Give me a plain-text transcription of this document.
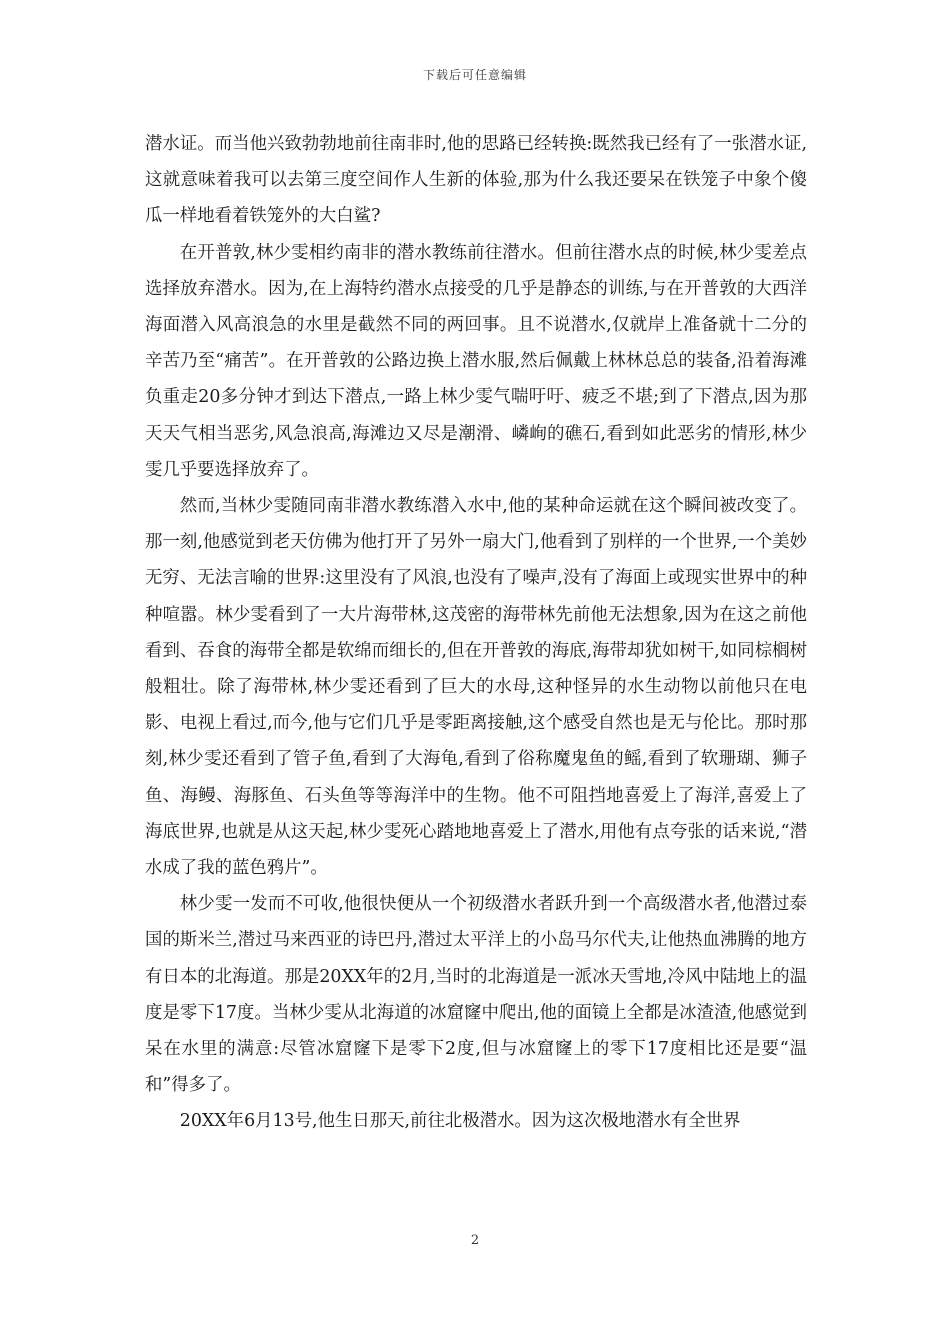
下载后可任意编辑

潜水证。而当他兴致勃勃地前往南非时,他的思路已经转换:既然我已经有了一张潜水证,这就意味着我可以去第三度空间作人生新的体验,那为什么我还要呆在铁笼子中象个傻瓜一样地看着铁笼外的大白鲨?

在开普敦,林少雯相约南非的潜水教练前往潜水。但前往潜水点的时候,林少雯差点选择放弃潜水。因为,在上海特约潜水点接受的几乎是静态的训练,与在开普敦的大西洋海面潜入风高浪急的水里是截然不同的两回事。且不说潜水,仅就岸上准备就十二分的辛苦乃至“痛苦”。在开普敦的公路边换上潜水服,然后佩戴上林林总总的装备,沿着海滩负重走20多分钟才到达下潜点,一路上林少雯气喘吁吁、疲乏不堪;到了下潜点,因为那天天气相当恶劣,风急浪高,海滩边又尽是潮滑、嶙峋的礁石,看到如此恶劣的情形,林少雯几乎要选择放弃了。

然而,当林少雯随同南非潜水教练潜入水中,他的某种命运就在这个瞬间被改变了。那一刻,他感觉到老天仿佛为他打开了另外一扇大门,他看到了别样的一个世界,一个美妙无穷、无法言喻的世界:这里没有了风浪,也没有了噪声,没有了海面上或现实世界中的种种喧嚣。林少雯看到了一大片海带林,这茂密的海带林先前他无法想象,因为在这之前他看到、吞食的海带全都是软绵而细长的,但在开普敦的海底,海带却犹如树干,如同棕榈树般粗壮。除了海带林,林少雯还看到了巨大的水母,这种怪异的水生动物以前他只在电影、电视上看过,而今,他与它们几乎是零距离接触,这个感受自然也是无与伦比。那时那刻,林少雯还看到了管子鱼,看到了大海龟,看到了俗称魔鬼鱼的鳐,看到了软珊瑚、狮子鱼、海鳗、海豚鱼、石头鱼等等海洋中的生物。他不可阻挡地喜爱上了海洋,喜爱上了海底世界,也就是从这天起,林少雯死心踏地地喜爱上了潜水,用他有点夸张的话来说,“潜水成了我的蓝色鸦片”。

林少雯一发而不可收,他很快便从一个初级潜水者跃升到一个高级潜水者,他潜过泰国的斯米兰,潜过马来西亚的诗巴丹,潜过太平洋上的小岛马尔代夫,让他热血沸腾的地方有日本的北海道。那是20XX年的2月,当时的北海道是一派冰天雪地,冷风中陆地上的温度是零下17度。当林少雯从北海道的冰窟窿中爬出,他的面镜上全都是冰渣渣,他感觉到呆在水里的满意:尽管冰窟窿下是零下2度,但与冰窟窿上的零下17度相比还是要“温和”得多了。

20XX年6月13号,他生日那天,前往北极潜水。因为这次极地潜水有全世界

2
